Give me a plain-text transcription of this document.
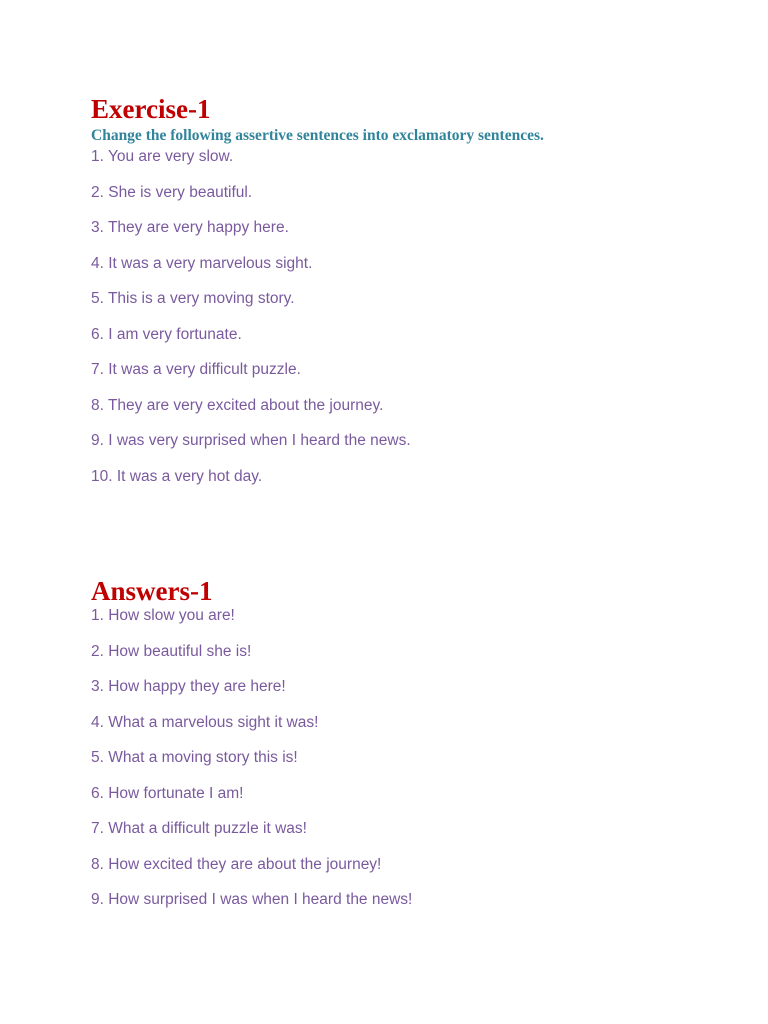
Exercise-1

Change the following assertive sentences into exclamatory sentences.

1. You are very slow.
2. She is very beautiful.
3. They are very happy here.
4. It was a very marvelous sight.
5. This is a very moving story.
6. I am very fortunate.
7. It was a very difficult puzzle.
8. They are very excited about the journey.
9. I was very surprised when I heard the news.
10. It was a very hot day.
Answers-1
1. How slow you are!
2. How beautiful she is!
3. How happy they are here!
4. What a marvelous sight it was!
5. What a moving story this is!
6. How fortunate I am!
7. What a difficult puzzle it was!
8. How excited they are about the journey!
9. How surprised I was when I heard the news!
